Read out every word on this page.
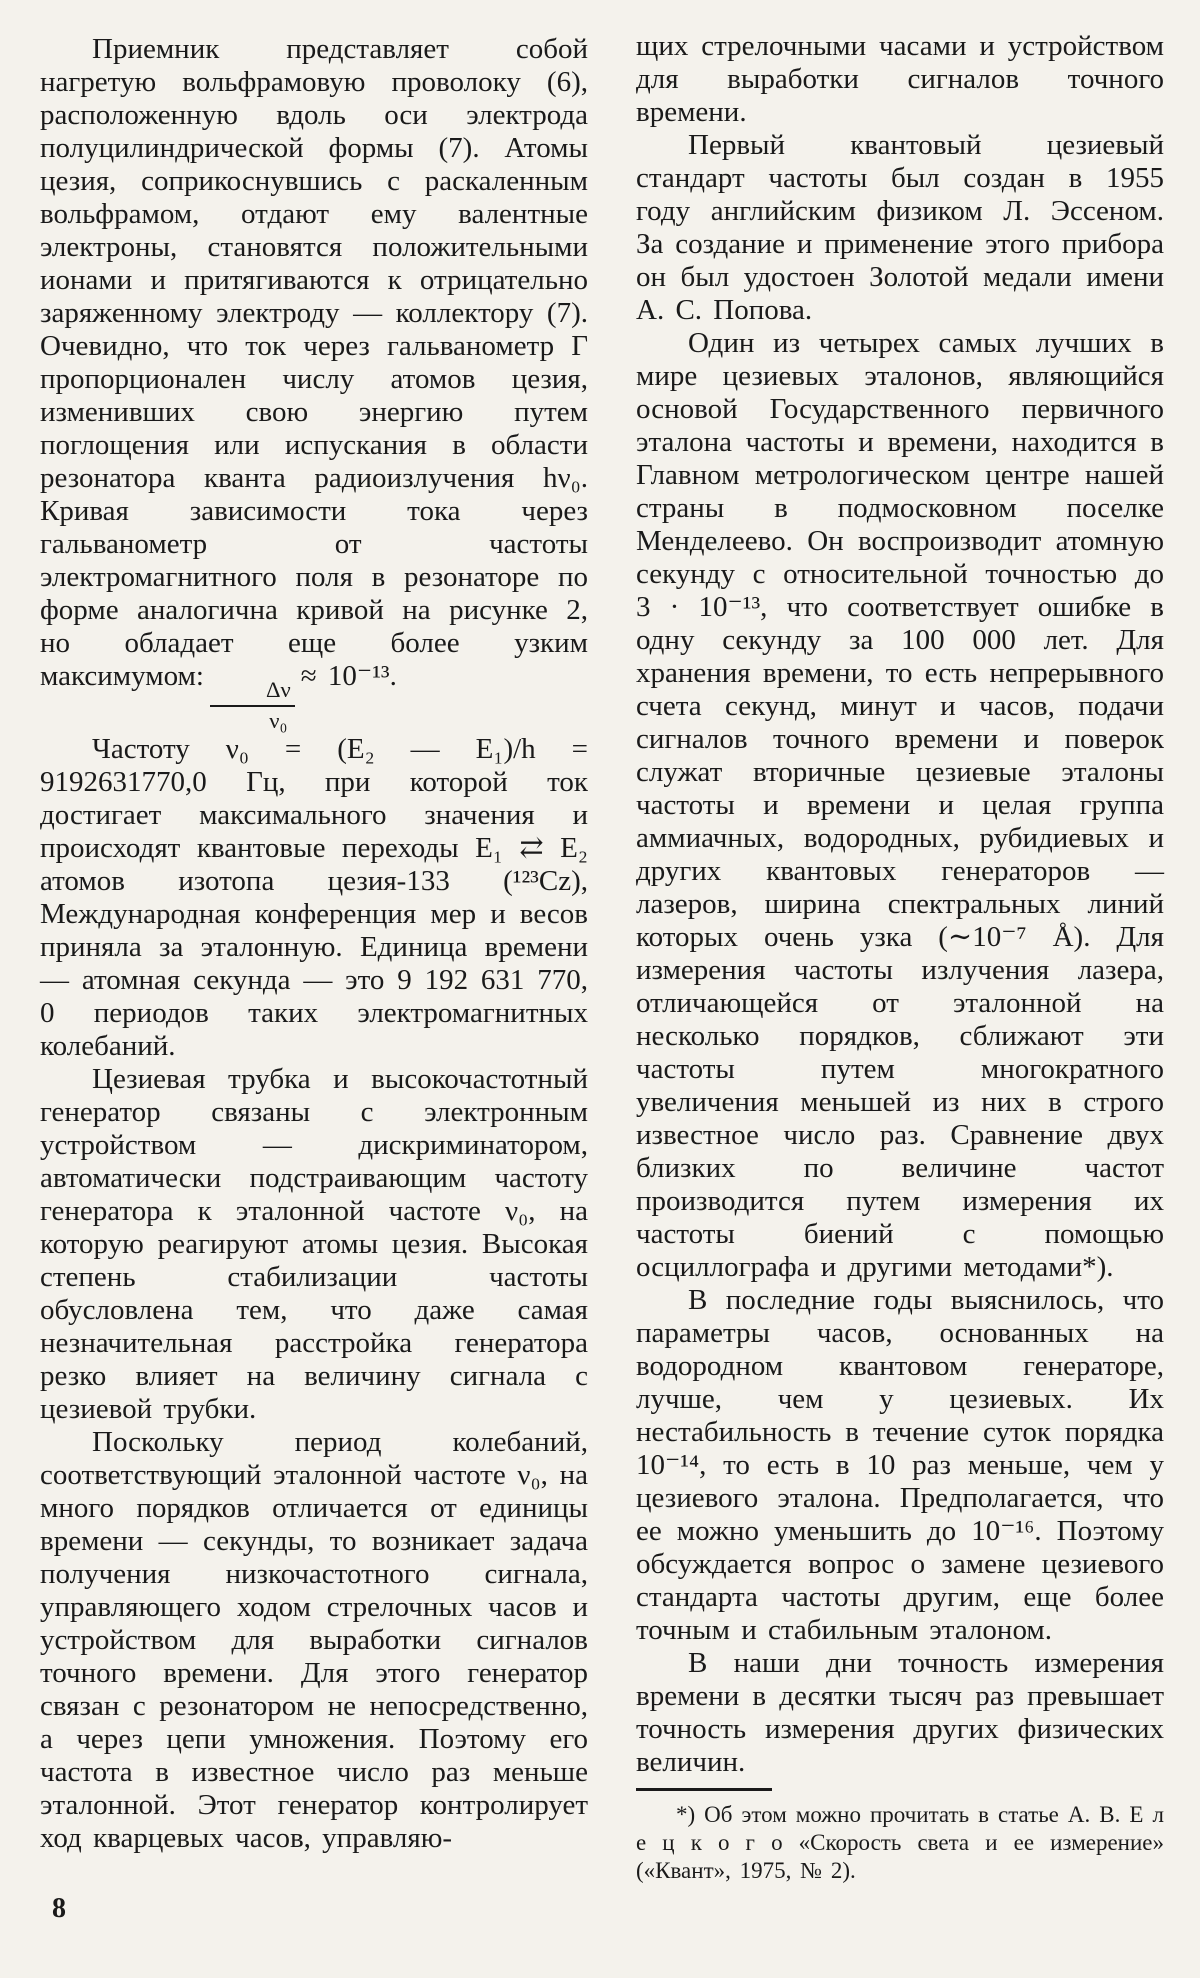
Приемник представляет собой нагретую вольфрамовую проволоку (6), расположенную вдоль оси электрода полуцилиндрической формы (7). Атомы цезия, соприкоснувшись с раскаленным вольфрамом, отдают ему валентные электроны, становятся положительными ионами и притягиваются к отрицательно заряженному электроду — коллектору (7). Очевидно, что ток через гальванометр Г пропорционален числу атомов цезия, изменивших свою энергию путем поглощения или испускания в области резонатора кванта радиоизлучения hν₀. Кривая зависимости тока через гальванометр от частоты электромагнитного поля в резонаторе по форме аналогична кривой на рисунке 2, но обладает еще более узким максимумом:
$\frac{\Delta\nu}{\text{ν₀}}$
≈ 10⁻¹³.

Частоту ν₀ = (E₂ — E₁)/h = 9192631770,0 Гц, при которой ток достигает максимального значения и происходят квантовые переходы E₁ ⇄ E₂ атомов изотопа цезия-133 (¹²³Cz), Международная конференция мер и весов приняла за эталонную. Единица времени — атомная секунда — это 9 192 631 770, 0 периодов таких электромагнитных колебаний.

Цезиевая трубка и высокочастотный генератор связаны с электронным устройством — дискриминатором, автоматически подстраивающим частоту генератора к эталонной частоте ν₀, на которую реагируют атомы цезия. Высокая степень стабилизации частоты обусловлена тем, что даже самая незначительная расстройка генератора резко влияет на величину сигнала с цезиевой трубки.

Поскольку период колебаний, соответствующий эталонной частоте ν₀, на много порядков отличается от единицы времени — секунды, то возникает задача получения низкочастотного сигнала, управляющего ходом стрелочных часов и устройством для выработки сигналов точного времени. Для этого генератор связан с резонатором не непосредственно, а через цепи умножения. Поэтому его частота в известное число раз меньше эталонной. Этот генератор контролирует ход кварцевых часов, управляю-

щих стрелочными часами и устройством для выработки сигналов точного времени.

Первый квантовый цезиевый стандарт частоты был создан в 1955 году английским физиком Л. Эссеном. За создание и применение этого прибора он был удостоен Золотой медали имени А. С. Попова.

Один из четырех самых лучших в мире цезиевых эталонов, являющийся основой Государственного первичного эталона частоты и времени, находится в Главном метрологическом центре нашей страны в подмосковном поселке Менделеево. Он воспроизводит атомную секунду с относительной точностью до 3 · 10⁻¹³, что соответствует ошибке в одну секунду за 100 000 лет. Для хранения времени, то есть непрерывного счета секунд, минут и часов, подачи сигналов точного времени и поверок служат вторичные цезиевые эталоны частоты и времени и целая группа аммиачных, водородных, рубидиевых и других квантовых генераторов — лазеров, ширина спектральных линий которых очень узка (∼10⁻⁷ Å). Для измерения частоты излучения лазера, отличающейся от эталонной на несколько порядков, сближают эти частоты путем многократного увеличения меньшей из них в строго известное число раз. Сравнение двух близких по величине частот производится путем измерения их частоты биений с помощью осциллографа и другими методами*).

В последние годы выяснилось, что параметры часов, основанных на водородном квантовом генераторе, лучше, чем у цезиевых. Их нестабильность в течение суток порядка 10⁻¹⁴, то есть в 10 раз меньше, чем у цезиевого эталона. Предполагается, что ее можно уменьшить до 10⁻¹⁶. Поэтому обсуждается вопрос о замене цезиевого стандарта частоты другим, еще более точным и стабильным эталоном.

В наши дни точность измерения времени в десятки тысяч раз превышает точность измерения других физических величин.

*) Об этом можно прочитать в статье А. В. Е л е ц к о г о «Скорость света и ее измерение» («Квант», 1975, № 2).

8
